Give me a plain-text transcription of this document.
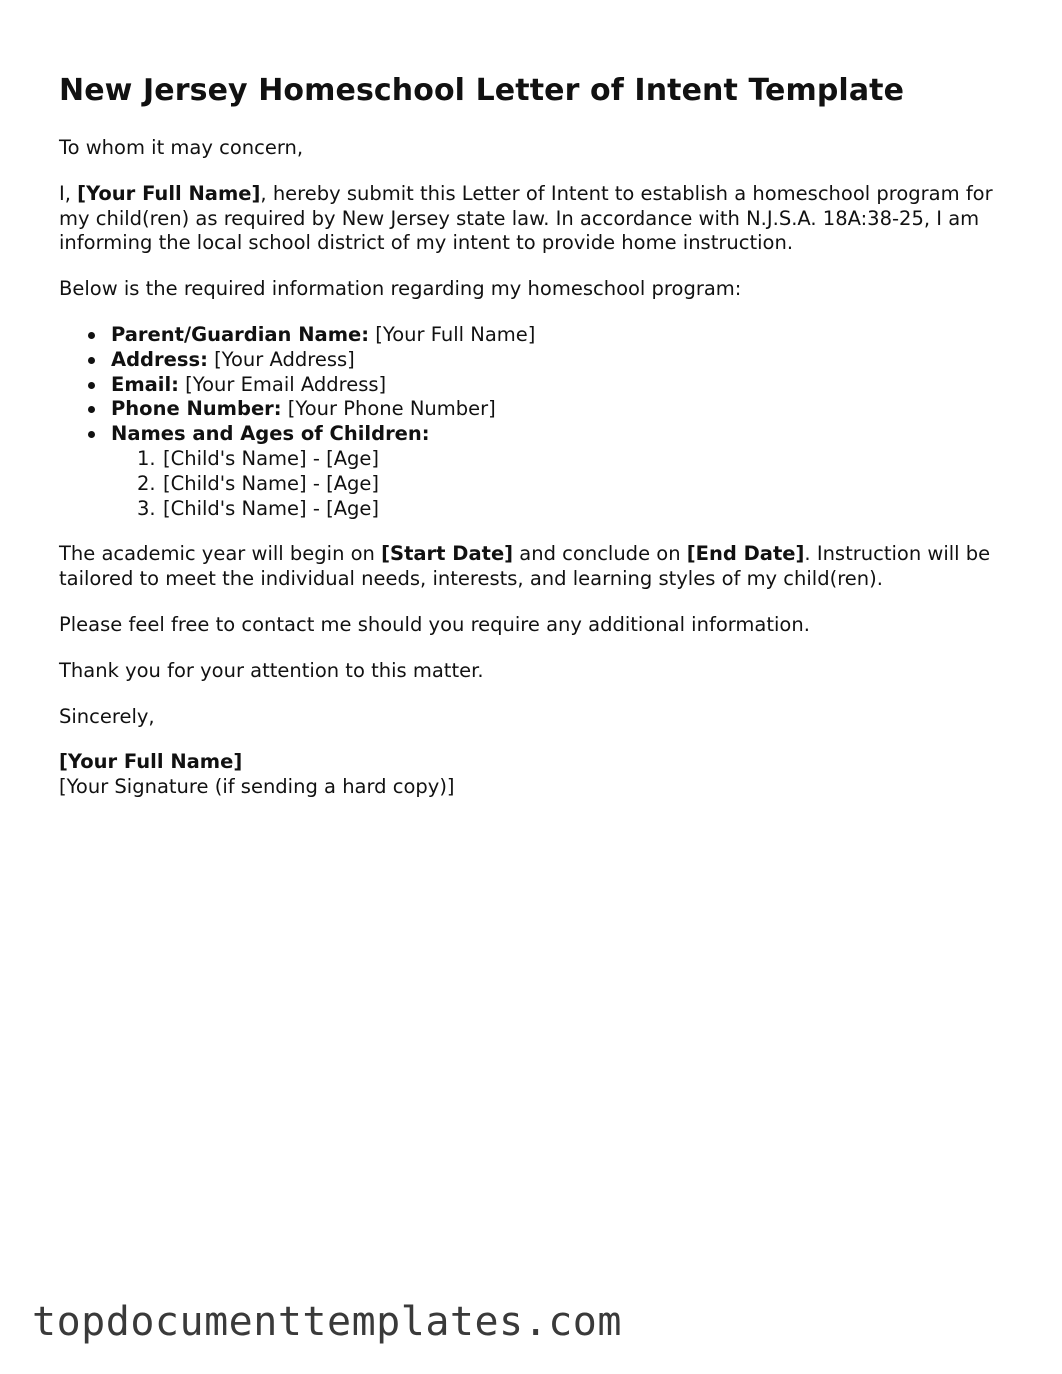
New Jersey Homeschool Letter of Intent Template

To whom it may concern,

I, [Your Full Name], hereby submit this Letter of Intent to establish a homeschool program for my child(ren) as required by New Jersey state law. In accordance with N.J.S.A. 18A:38-25, I am informing the local school district of my intent to provide home instruction.

Below is the required information regarding my homeschool program:

Parent/Guardian Name: [Your Full Name]
Address: [Your Address]
Email: [Your Email Address]
Phone Number: [Your Phone Number]
Names and Ages of Children:
1. [Child's Name] - [Age]
2. [Child's Name] - [Age]
3. [Child's Name] - [Age]

The academic year will begin on [Start Date] and conclude on [End Date]. Instruction will be tailored to meet the individual needs, interests, and learning styles of my child(ren).

Please feel free to contact me should you require any additional information.

Thank you for your attention to this matter.

Sincerely,

[Your Full Name]
[Your Signature (if sending a hard copy)]
topdocumenttemplates.com
